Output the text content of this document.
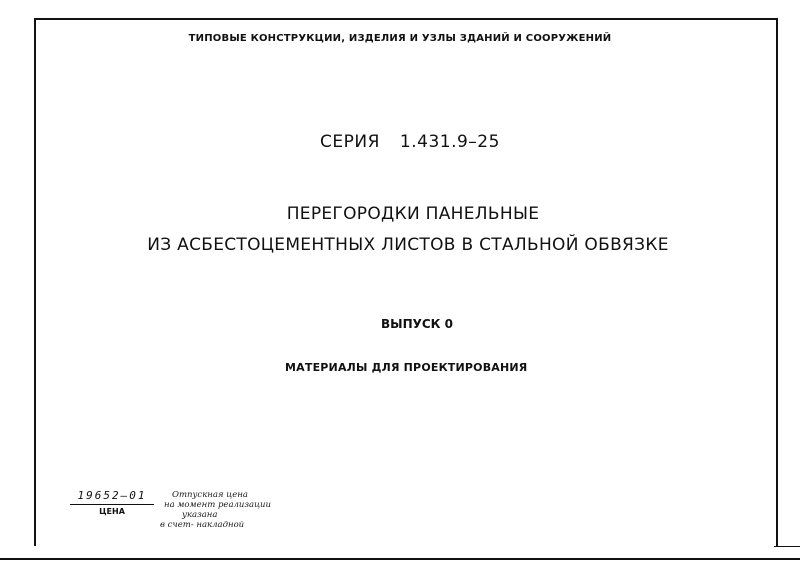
ТИПОВЫЕ КОНСТРУКЦИИ, ИЗДЕЛИЯ И УЗЛЫ ЗДАНИЙ И СООРУЖЕНИЙ
СЕРИЯ 1.431.9–25
ПЕРЕГОРОДКИ ПАНЕЛЬНЫЕ
ИЗ АСБЕСТОЦЕМЕНТНЫХ ЛИСТОВ В СТАЛЬНОЙ ОБВЯЗКЕ
ВЫПУСК 0
МАТЕРИАЛЫ ДЛЯ ПРОЕКТИРОВАНИЯ
19652–01
ЦЕНА
Отпускная цена
на момент реализации
указана
в счет- накладной
